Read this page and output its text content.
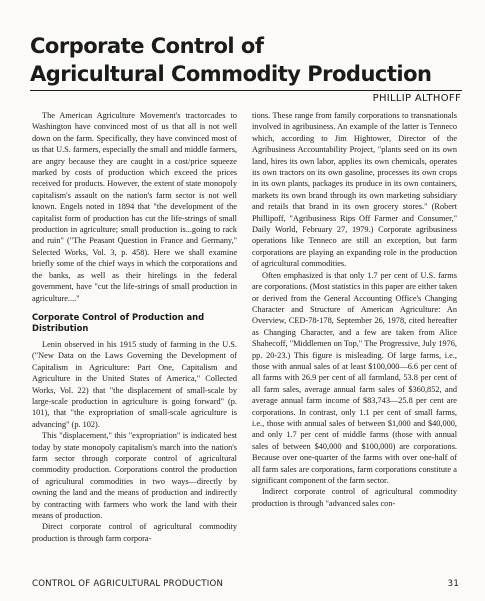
Corporate Control of
Agricultural Commodity Production
PHILLIP ALTHOFF

The American Agriculture Movement's tractorcades to Washington have convinced most of us that all is not well down on the farm. Specifically, they have convinced most of us that U.S. farmers, especially the small and middle farmers, are angry because they are caught in a cost/price squeeze marked by costs of production which exceed the prices received for products. However, the extent of state monopoly capitalism's assault on the nation's farm sector is not well known. Engels noted in 1894 that "the development of the capitalist form of production has cut the life-strings of small production in agriculture; small production is...going to rack and ruin" ("The Peasant Question in France and Germany," Selected Works, Vol. 3, p. 458). Here we shall examine briefly some of the chief ways in which the corporations and the banks, as well as their hirelings in the federal government, have "cut the life-strings of small production in agriculture...."

Corporate Control of Production and Distribution

Lenin observed in his 1915 study of farming in the U.S. ("New Data on the Laws Governing the Development of Capitalism in Agriculture: Part One, Capitalism and Agriculture in the United States of America," Collected Works, Vol. 22) that "the displacement of small-scale by large-scale production in agriculture is going forward" (p. 101), that "the expropriation of small-scale agriculture is advancing" (p. 102).

This "displacement," this "expropriation" is indicated best today by state monopoly capitalism's march into the nation's farm sector through corporate control of agricultural commodity production. Corporations control the production of agricultural commodities in two ways—directly by owning the land and the means of production and indirectly by contracting with farmers who work the land with their means of production.

Direct corporate control of agricultural commodity production is through farm corpora-

tions. These range from family corporations to transnationals involved in agribusiness. An example of the latter is Tenneco which, according to Jim Hightower, Director of the Agribusiness Accountability Project, "plants seed on its own land, hires its own labor, applies its own chemicals, operates its own tractors on its own gasoline, processes its own crops in its own plants, packages its produce in its own containers, markets its own brand through its own marketing subsidiary and retails that brand in its own grocery stores." (Robert Phillipoff, "Agribusiness Rips Off Farmer and Consumer," Daily World, February 27, 1979.) Corporate agribusiness operations like Tenneco are still an exception, but farm corporations are playing an expanding role in the production of agricultural commodities.

Often emphasized is that only 1.7 per cent of U.S. farms are corporations. (Most statistics in this paper are either taken or derived from the General Accounting Office's Changing Character and Structure of American Agriculture: An Overview, CED-78-178, September 26, 1978, cited hereafter as Changing Character, and a few are taken from Alice Shabecoff, "Middlemen on Top," The Progressive, July 1976, pp. 20-23.) This figure is misleading. Of large farms, i.e., those with annual sales of at least $100,000—6.6 per cent of all farms with 26.9 per cent of all farmland, 53.8 per cent of all farm sales, average annual farm sales of $360,852, and average annual farm income of $83,743—25.8 per cent are corporations. In contrast, only 1.1 per cent of small farms, i.e., those with annual sales of between $1,000 and $40,000, and only 1.7 per cent of middle farms (those with annual sales of between $40,000 and $100,000) are corporations. Because over one-quarter of the farms with over one-half of all farm sales are corporations, farm corporations constitute a significant component of the farm sector.

Indirect corporate control of agricultural commodity production is through "advanced sales con-

CONTROL OF AGRICULTURAL PRODUCTION	31
